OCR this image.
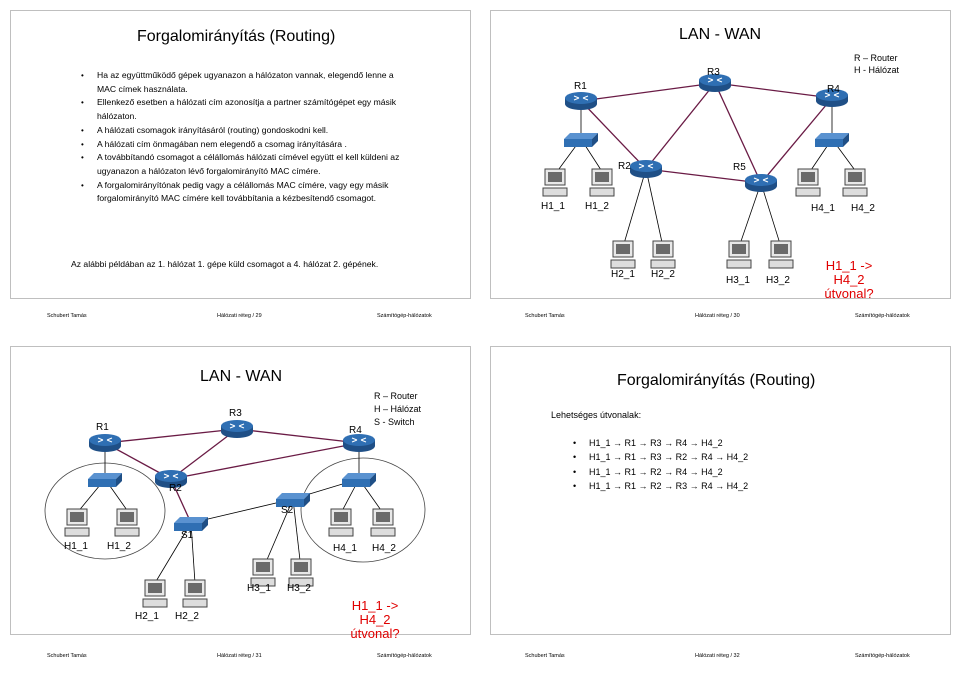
Forgalomirányítás (Routing)
• Ha az együttműködő gépek ugyanazon a hálózaton vannak, elegendő lenne a MAC címek használata.
• Ellenkező esetben a hálózati cím azonosítja a partner számítógépet egy másik hálózaton.
• A hálózati csomagok irányításáról (routing) gondoskodni kell.
• A hálózati cím önmagában nem elegendő a csomag irányítására .
• A továbbítandó csomagot a célállomás hálózati címével együtt el kell küldeni az ugyanazon a hálózaton lévő forgalomirányító MAC címére.
• A forgalomirányítónak pedig vagy a célállomás MAC címére, vagy egy másik forgalomirányító MAC címére kell továbbítania a kézbesítendő csomagot.
Az alábbi példában az 1. hálózat 1. gépe küld csomagot a 4. hálózat 2. gépének.
Schubert Tamás	Hálózati réteg / 29	Számítógép-hálózatok
LAN - WAN
R – Router
H - Hálózat
R1
R3
R4
R2	R5
H1_1 H1_2	H4_1 H4_2
H2_1 H2_2
H3_1 H3_2
H1_1 -> H4_2
útvonal?
Schubert Tamás	Hálózati réteg / 30	Számítógép-hálózatok
LAN - WAN
R – Router
H – Hálózat
S - Switch
R1
R3
R4
R2
S1
S2
H1_1 H1_2	H4_1 H4_2
H2_1 H2_2
H3_1 H3_2
H1_1 -> H4_2
útvonal?
Schubert Tamás	Hálózati réteg / 31	Számítógép-hálózatok
Forgalomirányítás (Routing)
Lehetséges útvonalak:
• H1_1 → R1 → R3 → R4 → H4_2
• H1_1 → R1 → R3 → R2 → R4 → H4_2
• H1_1 → R1 → R2 → R4 → H4_2
• H1_1 → R1 → R2 → R3 → R4 → H4_2
Schubert Tamás	Hálózati réteg / 32	Számítógép-hálózatok
